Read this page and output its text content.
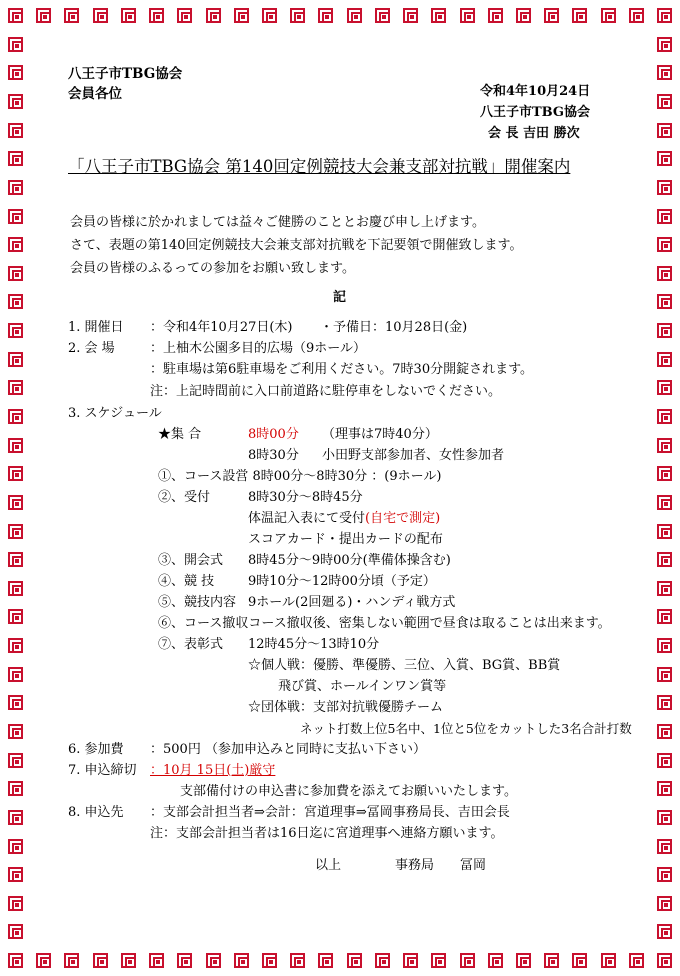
八王子市TBG協会
会員各位	令和4年10月24日
八王子市TBG協会
会 長 吉田 勝次
「八王子市TBG協会 第140回定例競技大会兼支部対抗戦」開催案内
会員の皆様に於かれましては益々ご健勝のこととお慶び申し上げます。
さて、表題の第140回定例競技大会兼支部対抗戦を下記要領で開催致します。
会員の皆様のふるっての参加をお願い致します。
記
1. 開催日 ：令和4年10月27日(木) ・予備日：10月28日(金)
2. 会 場	：上柚木公園多目的広場（9ホール）
：駐車場は第6駐車場をご利用ください。7時30分開錠されます。
注：上記時間前に入口前道路に駐停車をしないでください。
3. スケジュール
★集 合	8時00分 （理事は7時40分）
8時30分 小田野支部参加者、女性参加者
①、コース設営 8時00分～8時30分 ：(9ホール)
②、受付	8時30分～8時45分
体温記入表にて受付(自宅で測定)
スコアカード・提出カードの配布
③、開会式 8時45分～9時00分(準備体操含む)
④、競 技	9時10分～12時00分頃（予定）
⑤、競技内容 9ホール(2回廻る)・ハンディ戦方式
⑥、コース撤収コース撤収後、密集しない範囲で昼食は取ることは出来ます。
⑦、表彰式 12時45分～13時10分
☆個人戦：優勝、準優勝、三位、入賞、BG賞、BB賞
飛び賞、ホールインワン賞等
☆団体戦：支部対抗戦優勝チーム
ネット打数上位5名中、1位と5位をカットした3名合計打数
6. 参加費 ：500円 （参加申込みと同時に支払い下さい）
7. 申込締切 ：10月 15日(土)厳守
支部備付けの申込書に参加費を添えてお願いいたします。
8. 申込先 ：支部会計担当者⇒会計：宮道理事⇒冨岡事務局長、吉田会長
注：支部会計担当者は16日迄に宮道理事へ連絡方願います。
以上	事務局 冨岡
